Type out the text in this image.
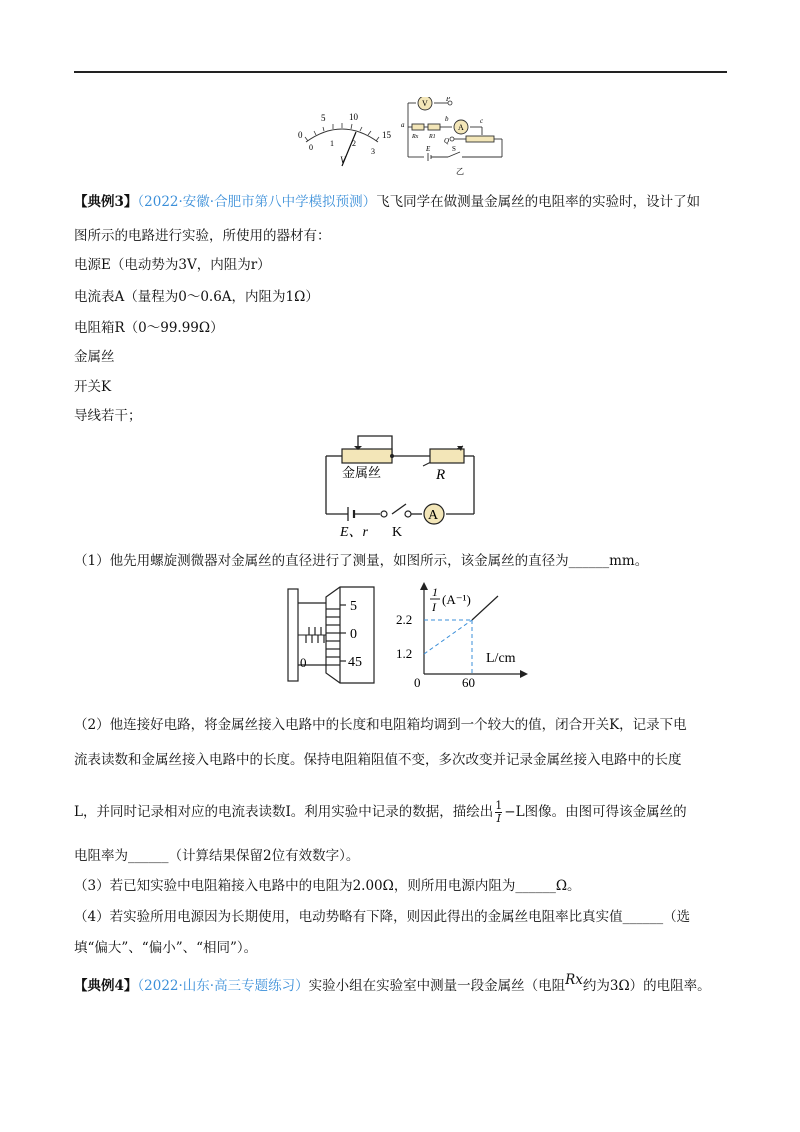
0
5	10
15
0 1 2
3
V
V
A
a
b	c
P
Q
Rx R1
E	S
乙
【典例3】（2022·安徽·合肥市第八中学模拟预测）飞飞同学在做测量金属丝的电阻率的实验时，设计了如
图所示的电路进行实验，所使用的器材有：
电源E（电动势为3V，内阻为r）
电流表A（量程为0～0.6A，内阻为1Ω）
电阻箱R（0～99.99Ω）
金属丝
开关K
导线若干；
A
金属丝	R
E、r K
（1）他先用螺旋测微器对金属丝的直径进行了测量，如图所示，该金属丝的直径为______mm。
0
5
0
45
1
I (A⁻¹)
L/cm
2.2
1.2
0	60
（2）他连接好电路，将金属丝接入电路中的长度和电阻箱均调到一个较大的值，闭合开关K，记录下电
流表读数和金属丝接入电路中的长度。保持电阻箱阻值不变，多次改变并记录金属丝接入电路中的长度
L，并同时记录相对应的电流表读数I。利用实验中记录的数据，描绘出 $\frac{1}{I} -L$图像。由图可得该金属丝的
电阻率为______（计算结果保留2位有效数字）。
（3）若已知实验中电阻箱接入电路中的电阻为2.00Ω，则所用电源内阻为______Ω。
（4）若实验所用电源因为长期使用，电动势略有下降，则因此得出的金属丝电阻率比真实值______（选
填“偏大”、“偏小”、“相同”）。
【典例4】（2022·山东·高三专题练习）实验小组在实验室中测量一段金属丝（电阻Rx约为3Ω）的电阻率。
